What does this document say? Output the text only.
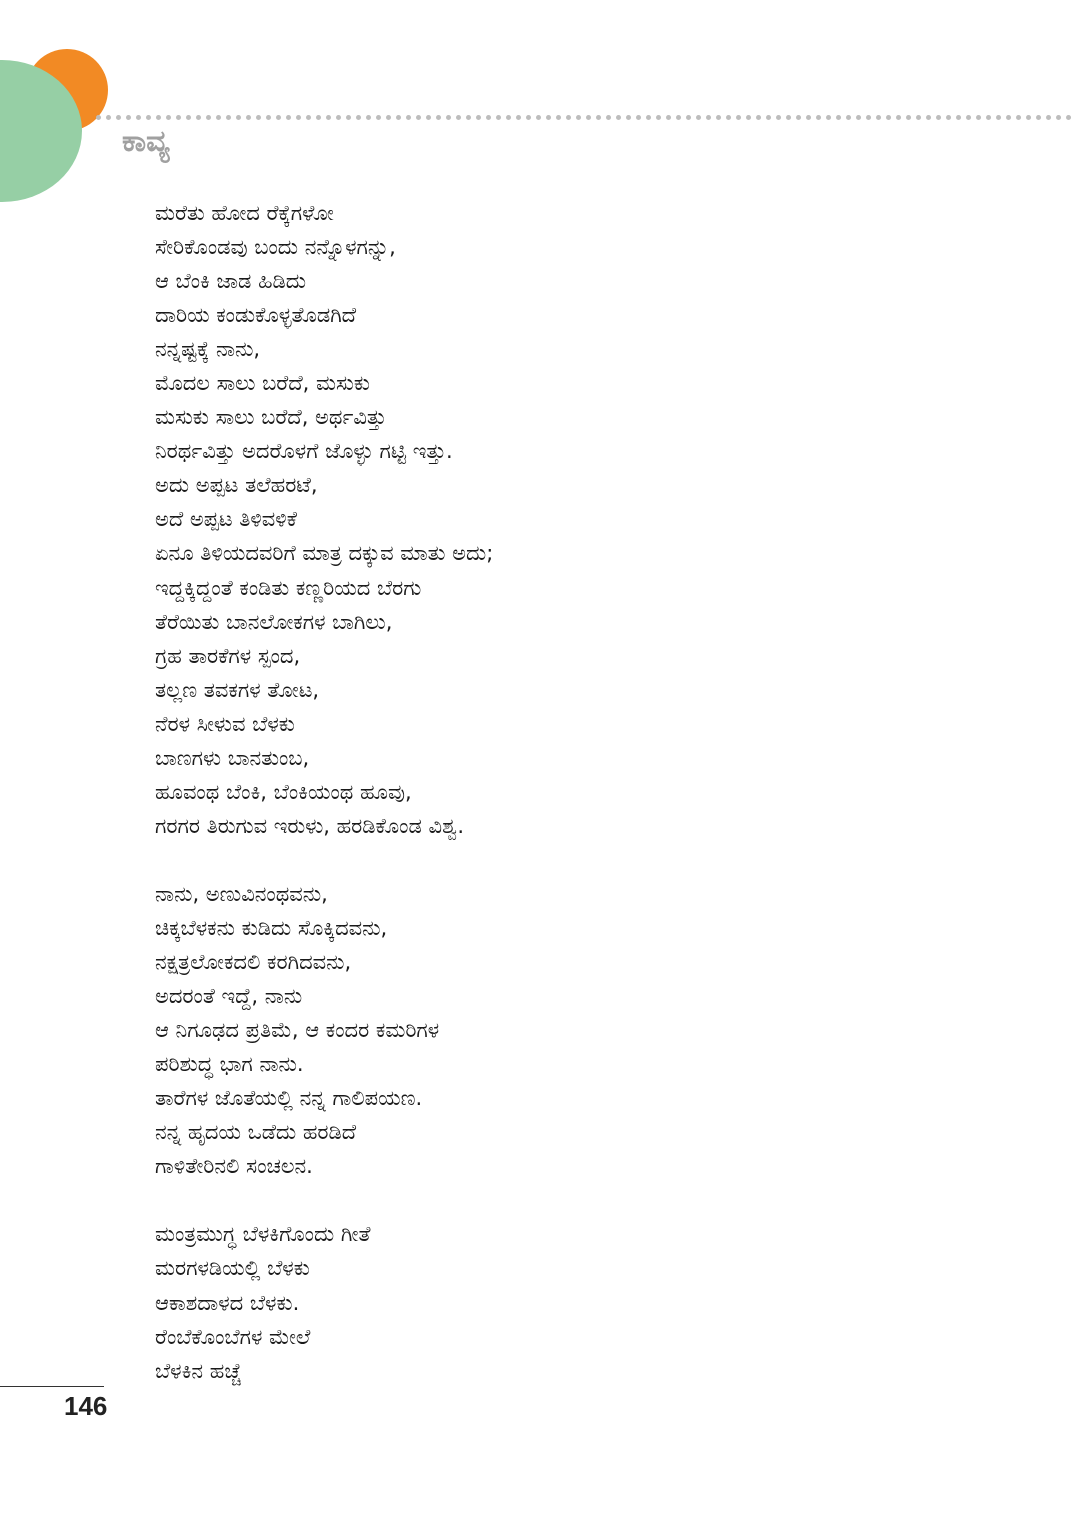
ಕಾವ್ಯ
ಮರೆತು ಹೋದ ರೆಕ್ಕೆಗಳೋ
ಸೇರಿಕೊಂಡವು ಬಂದು ನನ್ನೊಳಗನ್ನು,
ಆ ಬೆಂಕಿ ಜಾಡ ಹಿಡಿದು
ದಾರಿಯ ಕಂಡುಕೊಳ್ಳತೊಡಗಿದೆ
ನನ್ನಷ್ಟಕ್ಕೆ ನಾನು,
ಮೊದಲ ಸಾಲು ಬರೆದೆ, ಮಸುಕು
ಮಸುಕು ಸಾಲು ಬರೆದೆ, ಅರ್ಥವಿತ್ತು
ನಿರರ್ಥವಿತ್ತು ಅದರೊಳಗೆ ಜೊಳ್ಳು ಗಟ್ಟಿ ಇತ್ತು.
ಅದು ಅಪ್ಪಟ ತಲೆಹರಟೆ,
ಅದೆ ಅಪ್ಪಟ ತಿಳಿವಳಿಕೆ
ಏನೂ ತಿಳಿಯದವರಿಗೆ ಮಾತ್ರ ದಕ್ಕುವ ಮಾತು ಅದು;
ಇದ್ದಕ್ಕಿದ್ದಂತೆ ಕಂಡಿತು ಕಣ್ಣರಿಯದ ಬೆರಗು
ತೆರೆಯಿತು ಬಾನಲೋಕಗಳ ಬಾಗಿಲು,
ಗ್ರಹ ತಾರಕೆಗಳ ಸ್ಪಂದ,
ತಲ್ಲಣ ತವಕಗಳ ತೋಟ,
ನೆರಳ ಸೀಳುವ ಬೆಳಕು
ಬಾಣಗಳು ಬಾನತುಂಬ,
ಹೂವಂಥ ಬೆಂಕಿ, ಬೆಂಕಿಯಂಥ ಹೂವು,
ಗರಗರ ತಿರುಗುವ ಇರುಳು, ಹರಡಿಕೊಂಡ ವಿಶ್ವ.
ನಾನು, ಅಣುವಿನಂಥವನು,
ಚಿಕ್ಕಬೆಳಕನು ಕುಡಿದು ಸೊಕ್ಕಿದವನು,
ನಕ್ಷತ್ರಲೋಕದಲಿ ಕರಗಿದವನು,
ಅದರಂತೆ ಇದ್ದೆ, ನಾನು
ಆ ನಿಗೂಢದ ಪ್ರತಿಮೆ, ಆ ಕಂದರ ಕಮರಿಗಳ
ಪರಿಶುದ್ಧ ಭಾಗ ನಾನು.
ತಾರೆಗಳ ಜೊತೆಯಲ್ಲಿ ನನ್ನ ಗಾಲಿಪಯಣ.
ನನ್ನ ಹೃದಯ ಒಡೆದು ಹರಡಿದೆ
ಗಾಳಿತೇರಿನಲಿ ಸಂಚಲನ.
ಮಂತ್ರಮುಗ್ಧ ಬೆಳಕಿಗೊಂದು ಗೀತೆ
ಮರಗಳಡಿಯಲ್ಲಿ ಬೆಳಕು
ಆಕಾಶದಾಳದ ಬೆಳಕು.
ರೆಂಬೆಕೊಂಬೆಗಳ ಮೇಲೆ
ಬೆಳಕಿನ ಹಚ್ಚೆ
146
